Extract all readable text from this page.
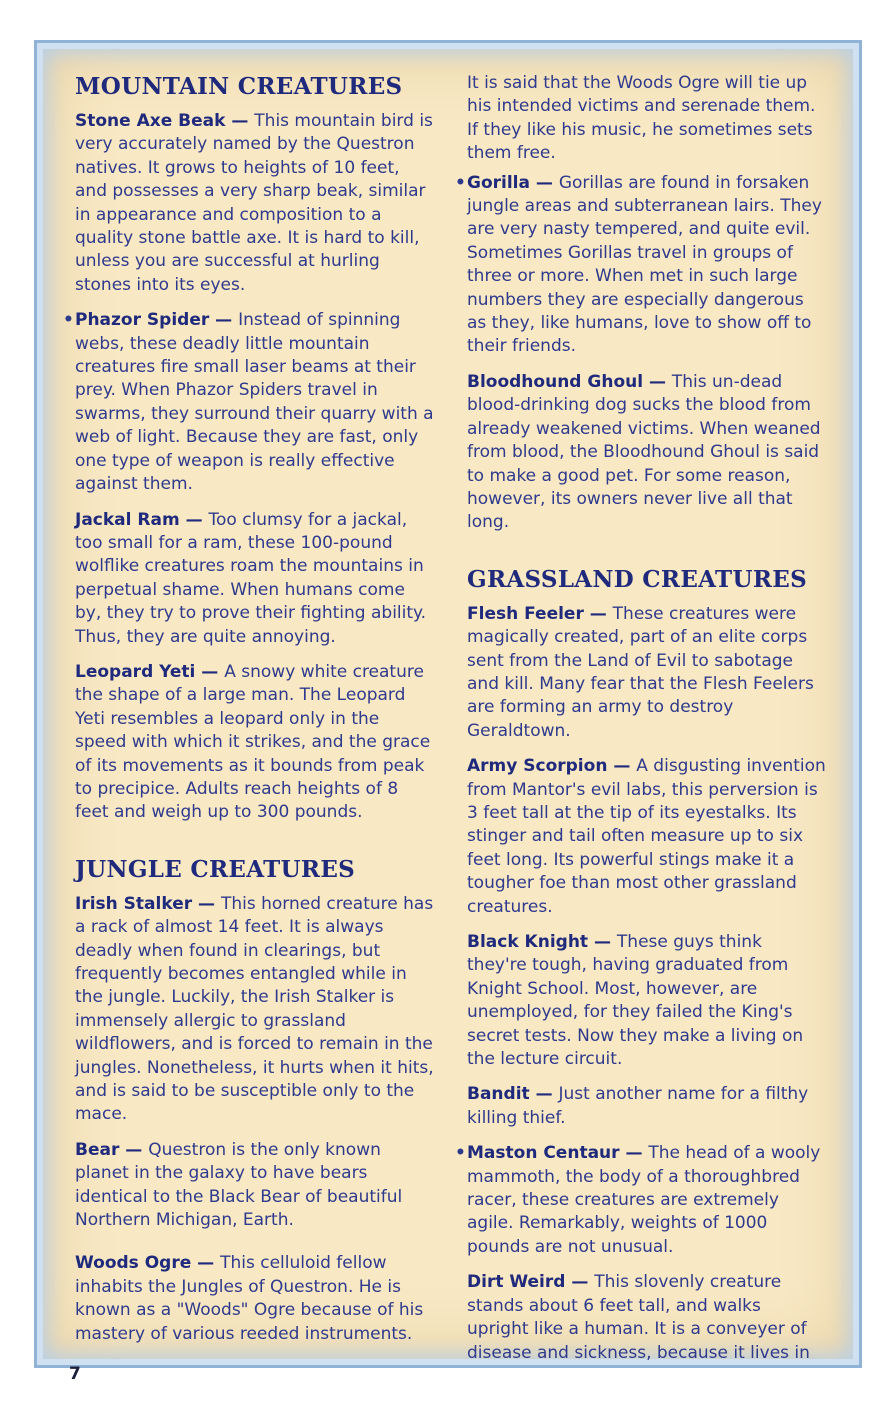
MOUNTAIN CREATURES

Stone Axe Beak — This mountain bird is very accurately named by the Questron natives. It grows to heights of 10 feet, and possesses a very sharp beak, similar in appearance and composition to a quality stone battle axe. It is hard to kill, unless you are successful at hurling stones into its eyes.

• Phazor Spider — Instead of spinning webs, these deadly little mountain creatures fire small laser beams at their prey. When Phazor Spiders travel in swarms, they surround their quarry with a web of light. Because they are fast, only one type of weapon is really effective against them.

Jackal Ram — Too clumsy for a jackal, too small for a ram, these 100-pound wolflike creatures roam the mountains in perpetual shame. When humans come by, they try to prove their fighting ability. Thus, they are quite annoying.

Leopard Yeti — A snowy white creature the shape of a large man. The Leopard Yeti resembles a leopard only in the speed with which it strikes, and the grace of its movements as it bounds from peak to precipice. Adults reach heights of 8 feet and weigh up to 300 pounds.

JUNGLE CREATURES

Irish Stalker — This horned creature has a rack of almost 14 feet. It is always deadly when found in clearings, but frequently becomes entangled while in the jungle. Luckily, the Irish Stalker is immensely allergic to grassland wildflowers, and is forced to remain in the jungles. Nonetheless, it hurts when it hits, and is said to be susceptible only to the mace.

Bear — Questron is the only known planet in the galaxy to have bears identical to the Black Bear of beautiful Northern Michigan, Earth.

Woods Ogre — This celluloid fellow inhabits the Jungles of Questron. He is known as a "Woods" Ogre because of his mastery of various reeded instruments.

It is said that the Woods Ogre will tie up his intended victims and serenade them. If they like his music, he sometimes sets them free.

• Gorilla — Gorillas are found in forsaken jungle areas and subterranean lairs. They are very nasty tempered, and quite evil. Sometimes Gorillas travel in groups of three or more. When met in such large numbers they are especially dangerous as they, like humans, love to show off to their friends.

Bloodhound Ghoul — This un-dead blood-drinking dog sucks the blood from already weakened victims. When weaned from blood, the Bloodhound Ghoul is said to make a good pet. For some reason, however, its owners never live all that long.

GRASSLAND CREATURES

Flesh Feeler — These creatures were magically created, part of an elite corps sent from the Land of Evil to sabotage and kill. Many fear that the Flesh Feelers are forming an army to destroy Geraldtown.

Army Scorpion — A disgusting invention from Mantor's evil labs, this perversion is 3 feet tall at the tip of its eyestalks. Its stinger and tail often measure up to six feet long. Its powerful stings make it a tougher foe than most other grassland creatures.

Black Knight — These guys think they're tough, having graduated from Knight School. Most, however, are unemployed, for they failed the King's secret tests. Now they make a living on the lecture circuit.

Bandit — Just another name for a filthy killing thief.

• Maston Centaur — The head of a wooly mammoth, the body of a thoroughbred racer, these creatures are extremely agile. Remarkably, weights of 1000 pounds are not unusual.

Dirt Weird — This slovenly creature stands about 6 feet tall, and walks upright like a human. It is a conveyer of disease and sickness, because it lives in

7
